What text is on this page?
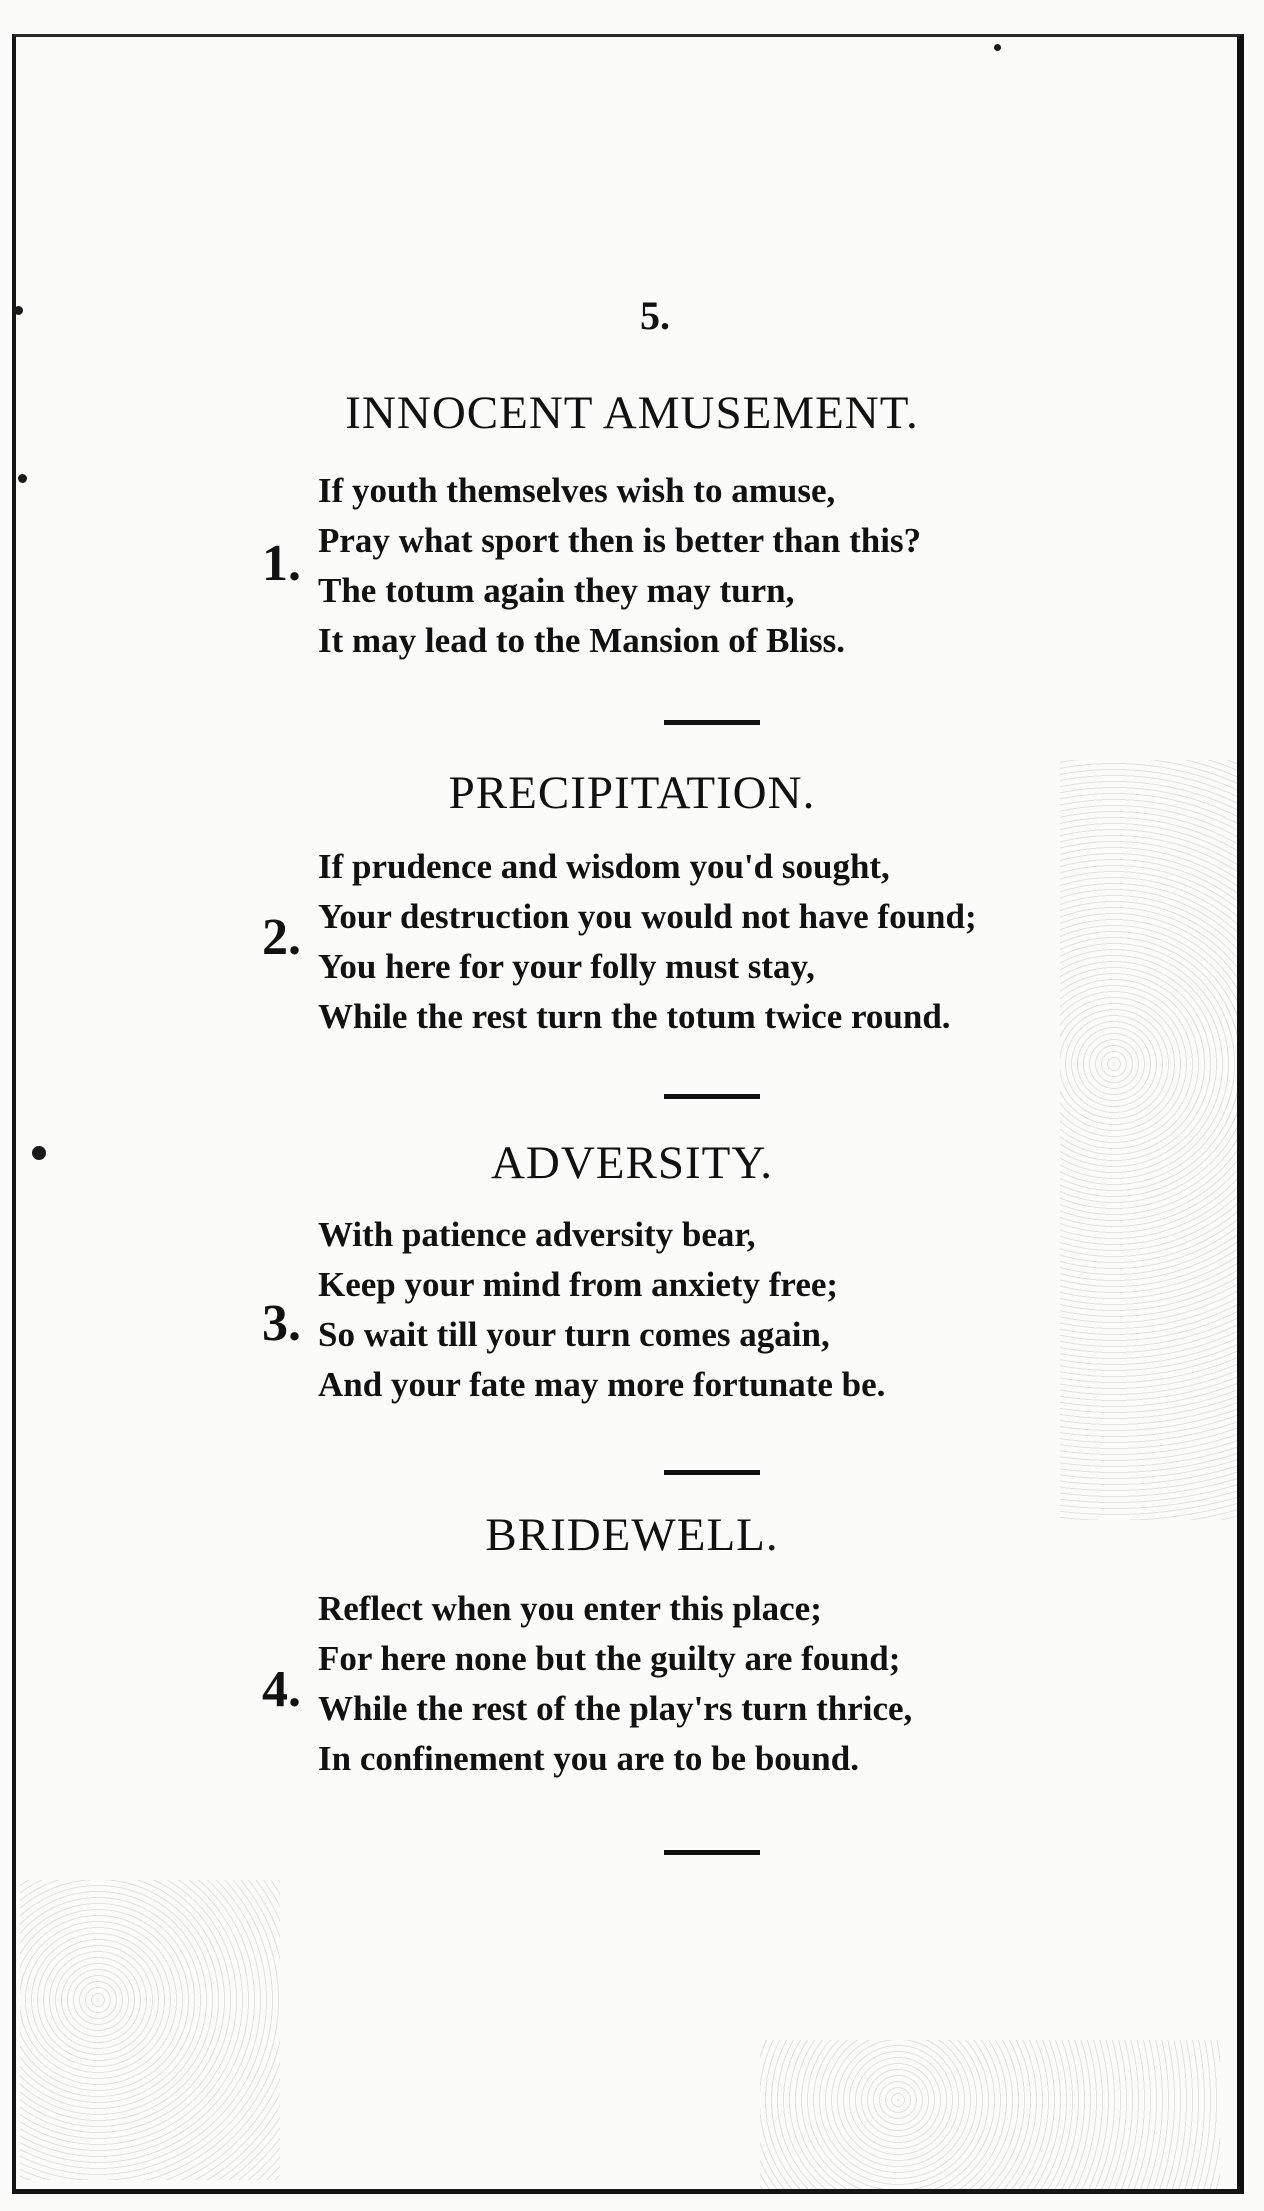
5.
INNOCENT AMUSEMENT.
1.
If youth themselves wish to amuse,
Pray what sport then is better than this?
The totum again they may turn,
It may lead to the Mansion of Bliss.
PRECIPITATION.
2.
If prudence and wisdom you'd sought,
Your destruction you would not have found;
You here for your folly must stay,
While the rest turn the totum twice round.
ADVERSITY.
3.
With patience adversity bear,
Keep your mind from anxiety free;
So wait till your turn comes again,
And your fate may more fortunate be.
BRIDEWELL.
4.
Reflect when you enter this place;
For here none but the guilty are found;
While the rest of the play'rs turn thrice,
In confinement you are to be bound.
